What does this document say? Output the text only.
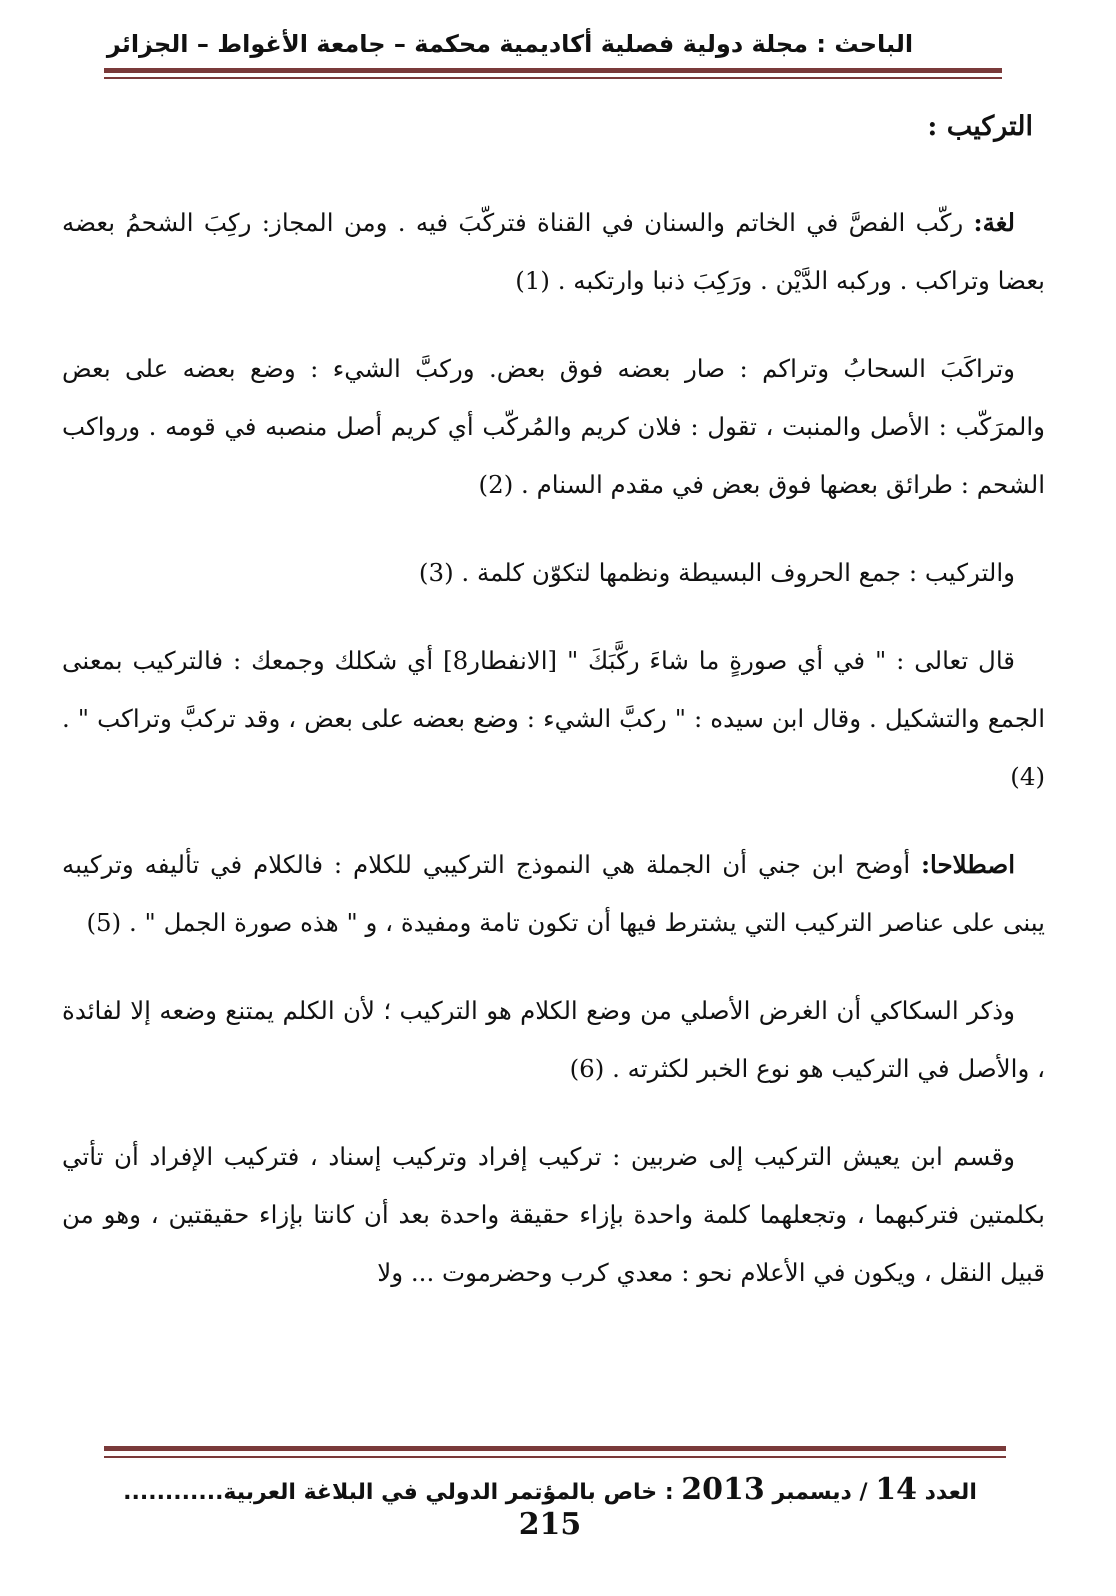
الباحث : مجلة دولية فصلية أكاديمية محكمة – جامعة الأغواط – الجزائر
التركيب :

لغة: ركّب الفصَّ في الخاتم والسنان في القناة فتركّبَ فيه . ومن المجاز: ركِبَ الشحمُ بعضه بعضا وتراكب . وركبه الدَّيْن . ورَكِبَ ذنبا وارتكبه . (1)

وتراكَبَ السحابُ وتراكم : صار بعضه فوق بعض. وركبَّ الشيء : وضع بعضه على بعض والمرَكّب : الأصل والمنبت ، تقول : فلان كريم والمُركّب أي كريم أصل منصبه في قومه . ورواكب الشحم : طرائق بعضها فوق بعض في مقدم السنام . (2)

والتركيب : جمع الحروف البسيطة ونظمها لتكوّن كلمة . (3)

قال تعالى : " في أي صورةٍ ما شاءَ ركَّبَكَ " [الانفطار8] أي شكلك وجمعك : فالتركيب بمعنى الجمع والتشكيل . وقال ابن سيده : " ركبَّ الشيء : وضع بعضه على بعض ، وقد تركبَّ وتراكب " .(4)

اصطلاحا: أوضح ابن جني أن الجملة هي النموذج التركيبي للكلام : فالكلام في تأليفه وتركيبه يبنى على عناصر التركيب التي يشترط فيها أن تكون تامة ومفيدة ، و " هذه صورة الجمل " . (5)

وذكر السكاكي أن الغرض الأصلي من وضع الكلام هو التركيب ؛ لأن الكلم يمتنع وضعه إلا لفائدة ، والأصل في التركيب هو نوع الخبر لكثرته . (6)

وقسم ابن يعيش التركيب إلى ضربين : تركيب إفراد وتركيب إسناد ، فتركيب الإفراد أن تأتي بكلمتين فتركبهما ، وتجعلهما كلمة واحدة بإزاء حقيقة واحدة بعد أن كانتا بإزاء حقيقتين ، وهو من قبيل النقل ، ويكون في الأعلام نحو : معدي كرب وحضرموت ... ولا

العدد 14 / ديسمبر 2013 : خاص بالمؤتمر الدولي في البلاغة العربية............ 215
